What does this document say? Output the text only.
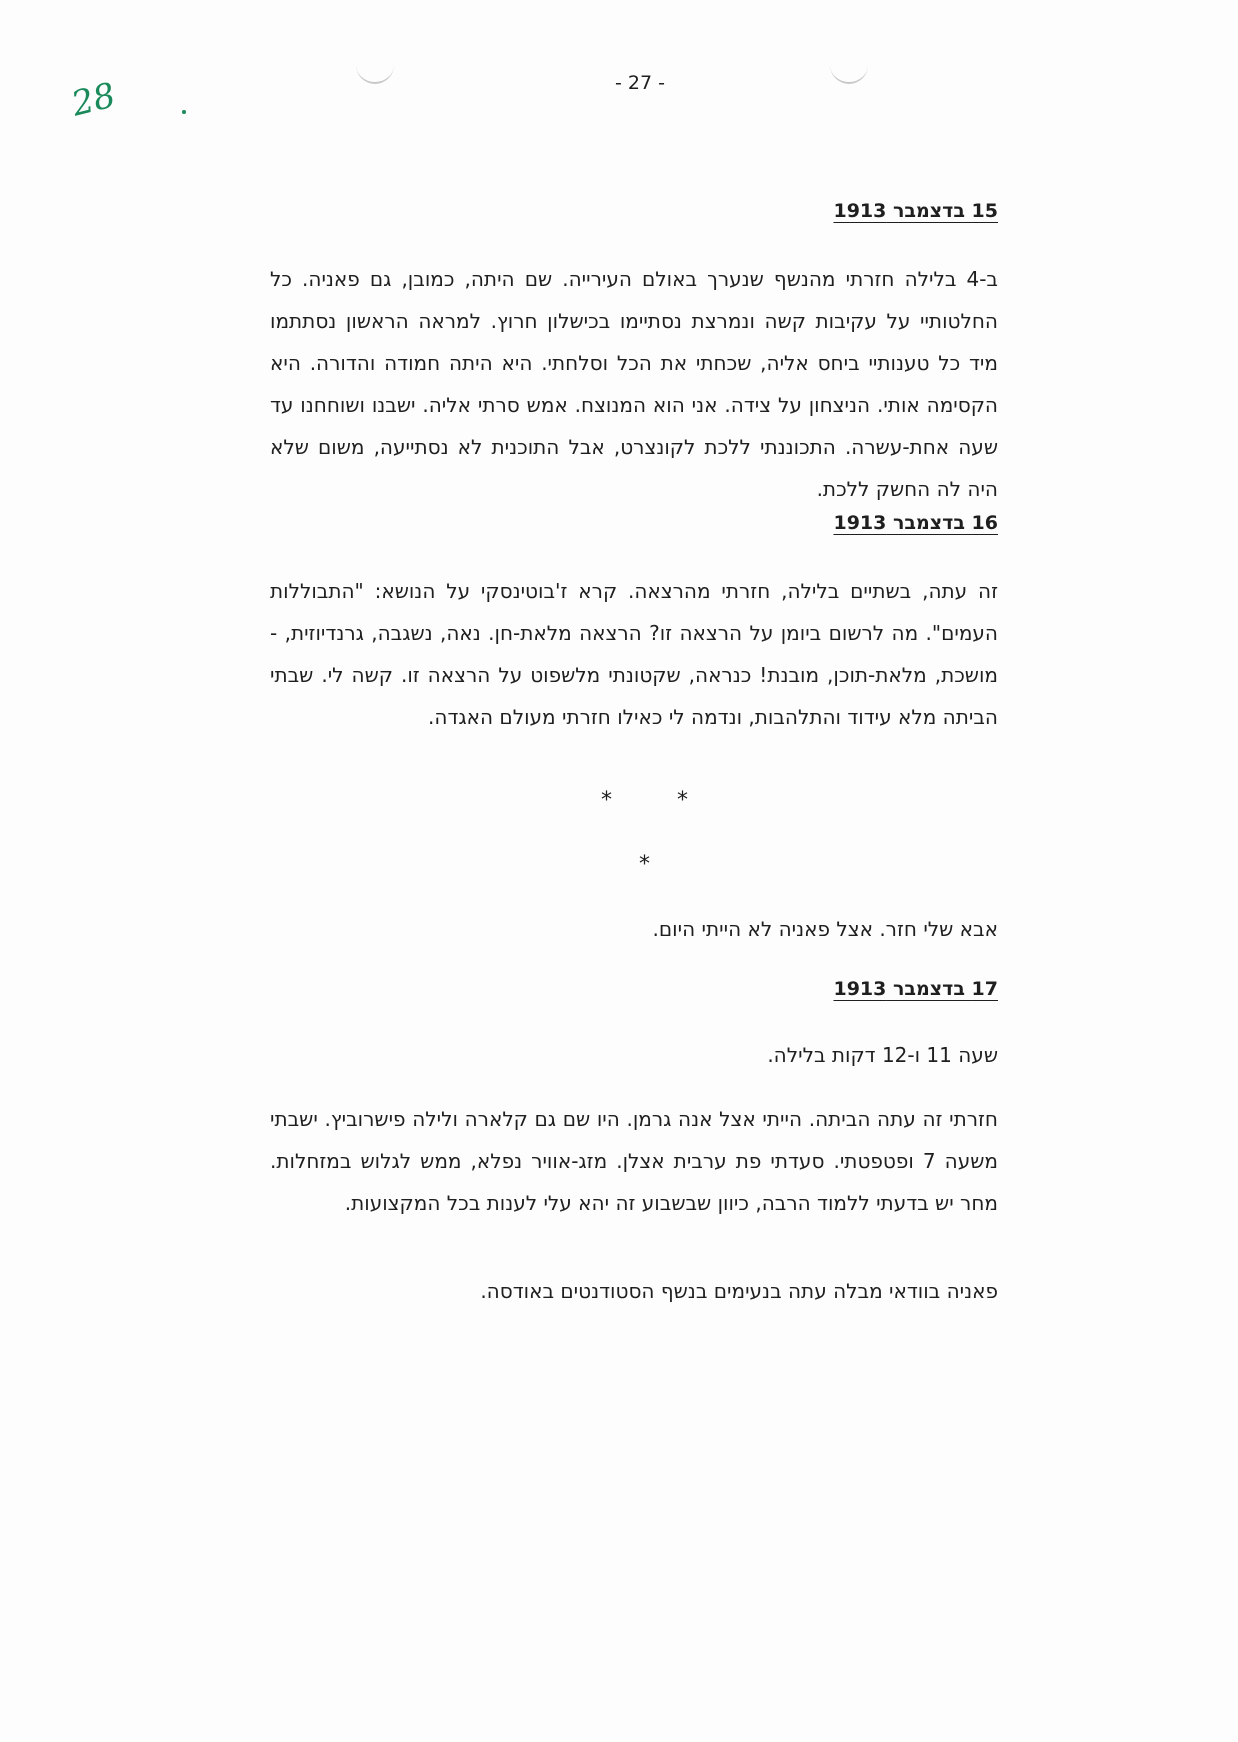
28	- 27 -
15 בדצמבר 1913
ב-4 בלילה חזרתי מהנשף שנערך באולם העירייה. שם היתה, כמובן, גם פאניה. כל החלטותיי על עקיבות קשה ונמרצת נסתיימו בכישלון חרוץ. למראה הראשון נסתתמו מיד כל טענותיי ביחס אליה, שכחתי את הכל וסלחתי. היא היתה חמודה והדורה. היא הקסימה אותי. הניצחון על צידה. אני הוא המנוצח. אמש סרתי אליה. ישבנו ושוחחנו עד שעה אחת-עשרה. התכוננתי ללכת לקונצרט, אבל התוכנית לא נסתייעה, משום שלא היה לה החשק ללכת.
16 בדצמבר 1913
זה עתה, בשתיים בלילה, חזרתי מהרצאה. קרא ז'בוטינסקי על הנושא: "התבוללות העמים". מה לרשום ביומן על הרצאה זו? הרצאה מלאת-חן. נאה, נשגבה, גרנדיוזית, - מושכת, מלאת-תוכן, מובנת! כנראה, שקטונתי מלשפוט על הרצאה זו. קשה לי. שבתי הביתה מלא עידוד והתלהבות, ונדמה לי כאילו חזרתי מעולם האגדה.
*	*
*
אבא שלי חזר. אצל פאניה לא הייתי היום.
17 בדצמבר 1913
שעה 11 ו-12 דקות בלילה.
חזרתי זה עתה הביתה. הייתי אצל אנה גרמן. היו שם גם קלארה ולילה פישרוביץ. ישבתי משעה 7 ופטפטתי. סעדתי פת ערבית אצלן. מזג-אוויר נפלא, ממש לגלוש במזחלות. מחר יש בדעתי ללמוד הרבה, כיוון שבשבוע זה יהא עלי לענות בכל המקצועות.
פאניה בוודאי מבלה עתה בנעימים בנשף הסטודנטים באודסה.
